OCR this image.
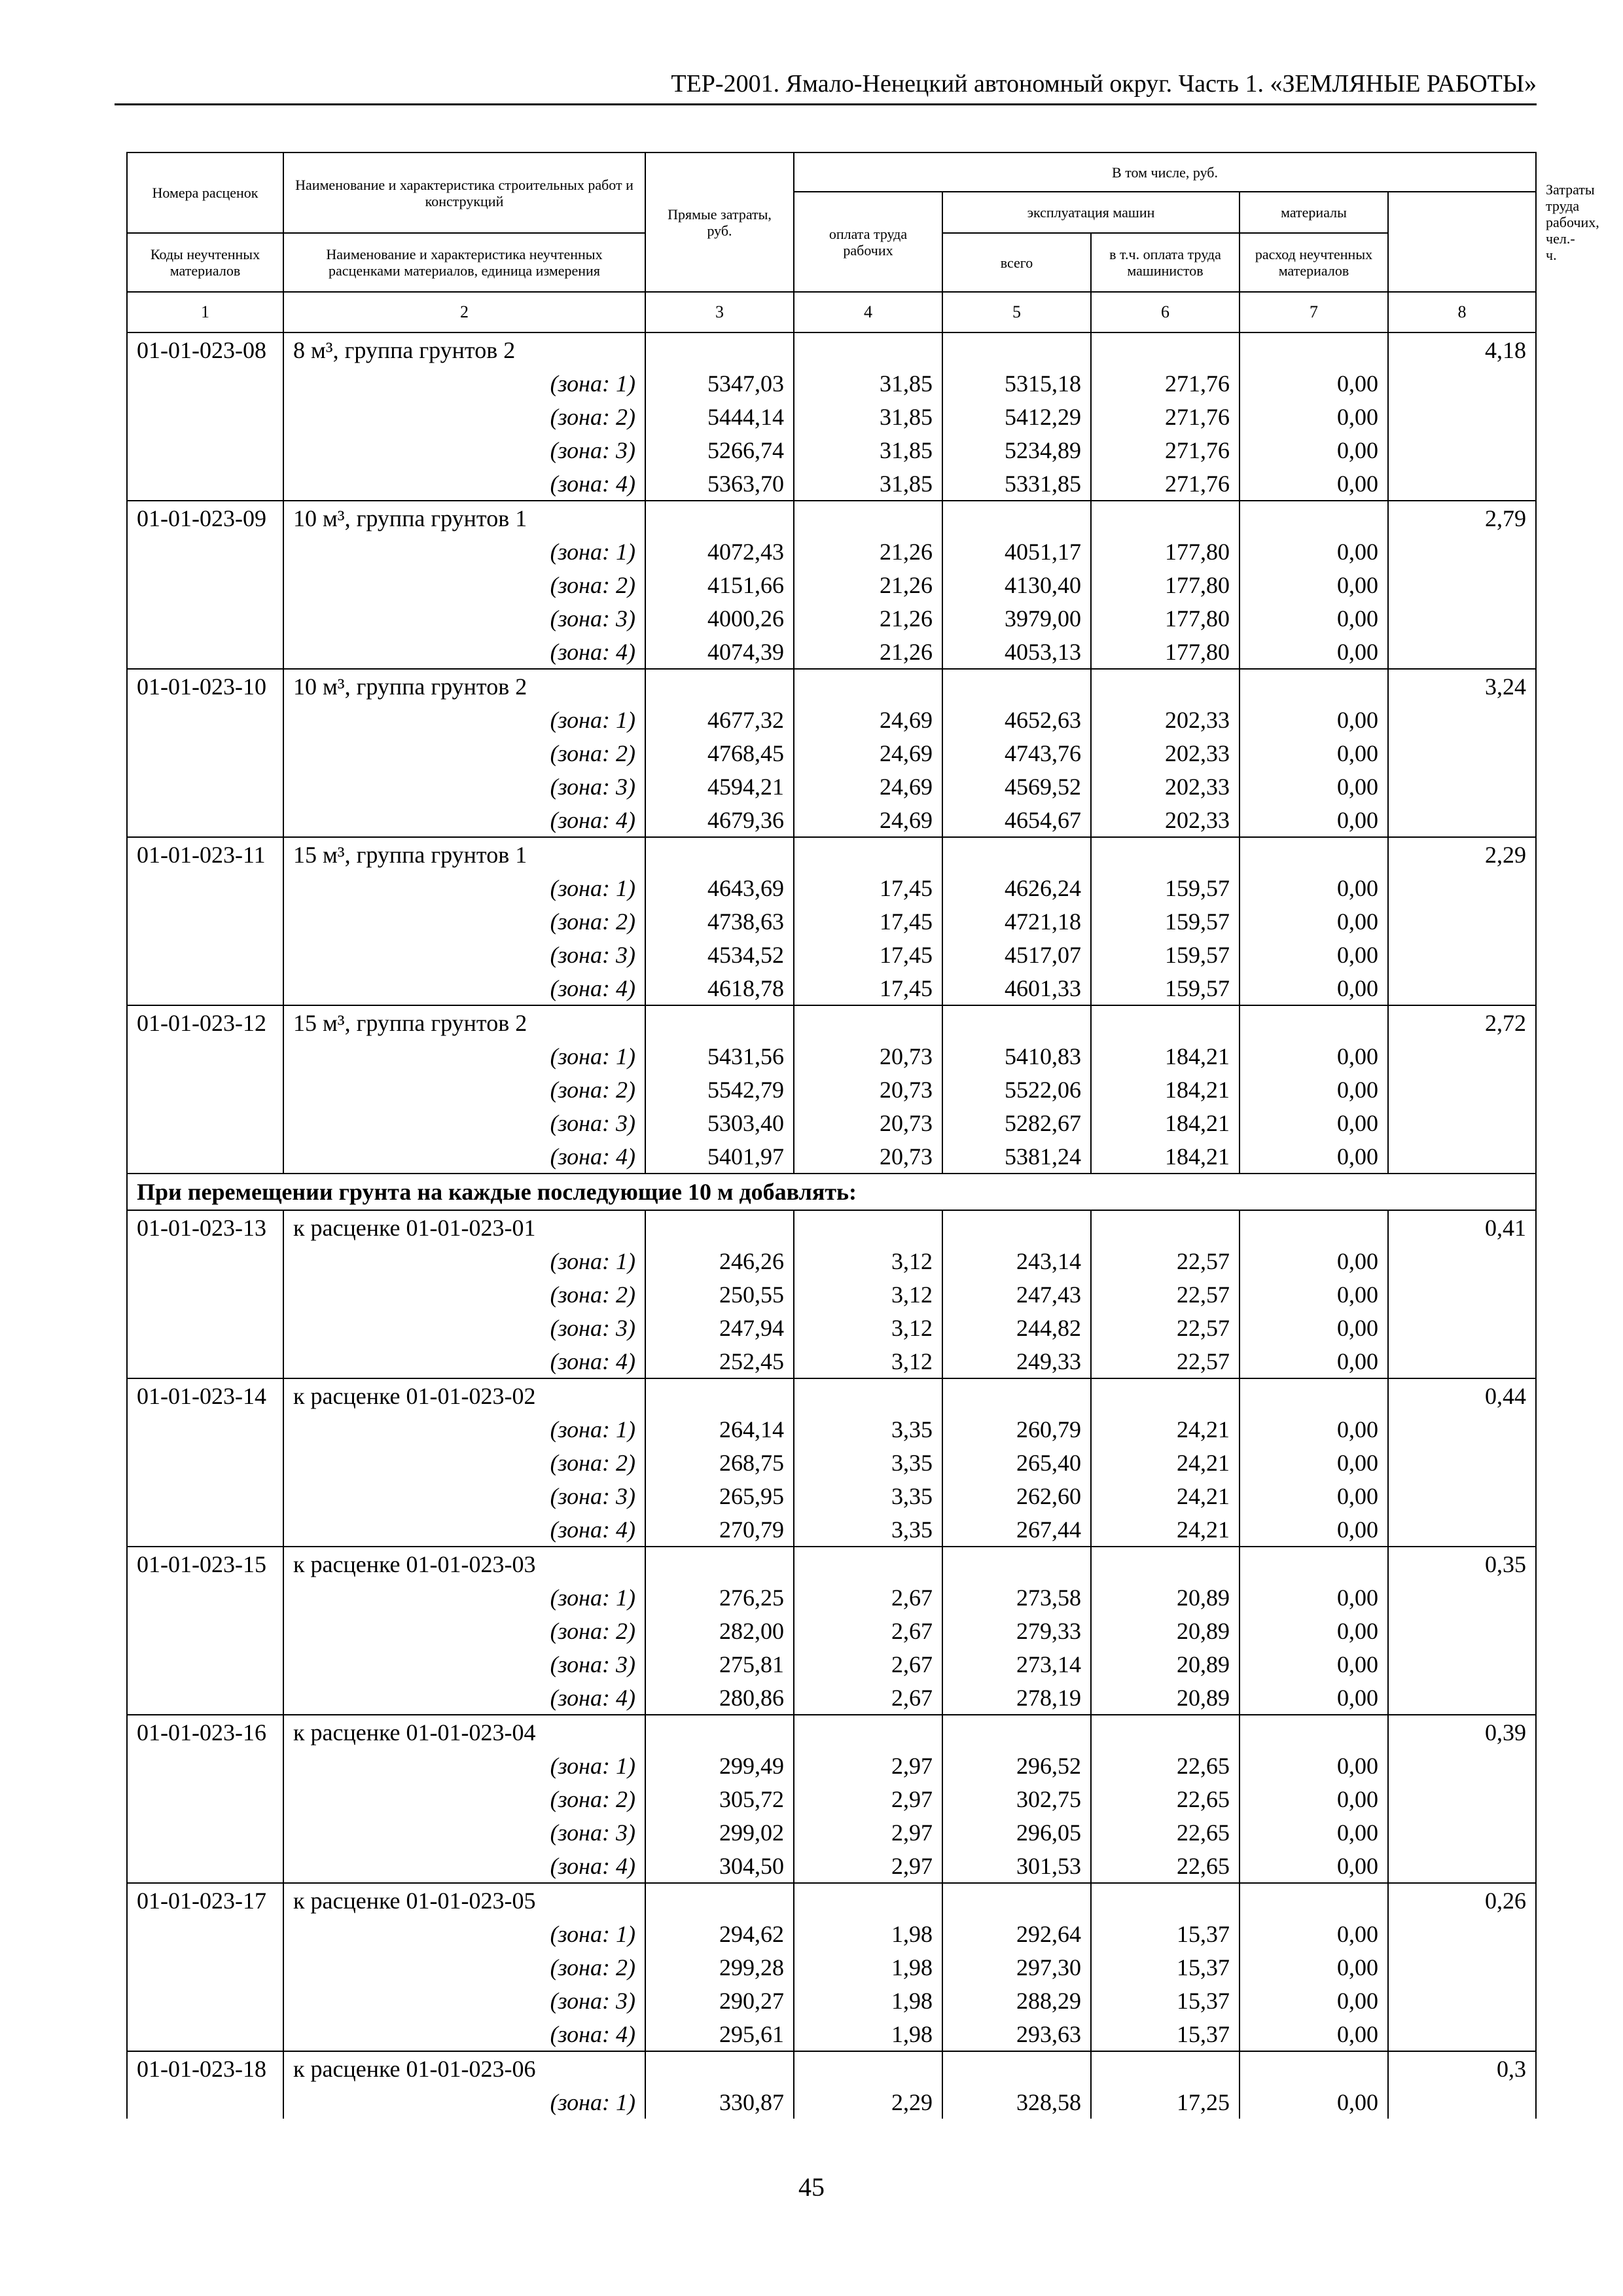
ТЕР-2001. Ямало-Ненецкий автономный округ. Часть 1. «ЗЕМЛЯНЫЕ РАБОТЫ»
Номера расценок	Наименование и характеристика строительных работ и конструкций	Прямые затраты, руб.	В том числе, руб.					Затраты труда рабочих, чел.-ч.
			оплата труда рабочих	эксплуатация машин		материалы		
Коды неучтенных материалов	Наименование и характеристика неучтенных расценками материалов, единица измерения			всего	в т.ч. оплата труда машинистов	расход неучтенных материалов		

1	2	3	4	5	6	7	8	
01-01-023-08	8 м³, группа грунтов 2						4,18	
	(зона: 1)	5347,03	31,85	5315,18	271,76	0,00		
	(зона: 2)	5444,14	31,85	5412,29	271,76	0,00		
	(зона: 3)	5266,74	31,85	5234,89	271,76	0,00		
	(зона: 4)	5363,70	31,85	5331,85	271,76	0,00		
01-01-023-09	10 м³, группа грунтов 1						2,79	
	(зона: 1)	4072,43	21,26	4051,17	177,80	0,00		
	(зона: 2)	4151,66	21,26	4130,40	177,80	0,00		
	(зона: 3)	4000,26	21,26	3979,00	177,80	0,00		
	(зона: 4)	4074,39	21,26	4053,13	177,80	0,00		
01-01-023-10	10 м³, группа грунтов 2						3,24	
	(зона: 1)	4677,32	24,69	4652,63	202,33	0,00		
	(зона: 2)	4768,45	24,69	4743,76	202,33	0,00		
	(зона: 3)	4594,21	24,69	4569,52	202,33	0,00		
	(зона: 4)	4679,36	24,69	4654,67	202,33	0,00		
01-01-023-11	15 м³, группа грунтов 1						2,29	
	(зона: 1)	4643,69	17,45	4626,24	159,57	0,00		
	(зона: 2)	4738,63	17,45	4721,18	159,57	0,00		
	(зона: 3)	4534,52	17,45	4517,07	159,57	0,00		
	(зона: 4)	4618,78	17,45	4601,33	159,57	0,00		
01-01-023-12	15 м³, группа грунтов 2						2,72	
	(зона: 1)	5431,56	20,73	5410,83	184,21	0,00		
	(зона: 2)	5542,79	20,73	5522,06	184,21	0,00		
	(зона: 3)	5303,40	20,73	5282,67	184,21	0,00		
	(зона: 4)	5401,97	20,73	5381,24	184,21	0,00		
При перемещении грунта на каждые последующие 10 м добавлять:								
01-01-023-13	к расценке 01-01-023-01						0,41	
	(зона: 1)	246,26	3,12	243,14	22,57	0,00		
	(зона: 2)	250,55	3,12	247,43	22,57	0,00		
	(зона: 3)	247,94	3,12	244,82	22,57	0,00		
	(зона: 4)	252,45	3,12	249,33	22,57	0,00		
01-01-023-14	к расценке 01-01-023-02						0,44	
	(зона: 1)	264,14	3,35	260,79	24,21	0,00		
	(зона: 2)	268,75	3,35	265,40	24,21	0,00		
	(зона: 3)	265,95	3,35	262,60	24,21	0,00		
	(зона: 4)	270,79	3,35	267,44	24,21	0,00		
01-01-023-15	к расценке 01-01-023-03						0,35	
	(зона: 1)	276,25	2,67	273,58	20,89	0,00		
	(зона: 2)	282,00	2,67	279,33	20,89	0,00		
	(зона: 3)	275,81	2,67	273,14	20,89	0,00		
	(зона: 4)	280,86	2,67	278,19	20,89	0,00		
01-01-023-16	к расценке 01-01-023-04						0,39	
	(зона: 1)	299,49	2,97	296,52	22,65	0,00		
	(зона: 2)	305,72	2,97	302,75	22,65	0,00		
	(зона: 3)	299,02	2,97	296,05	22,65	0,00		
	(зона: 4)	304,50	2,97	301,53	22,65	0,00		
01-01-023-17	к расценке 01-01-023-05						0,26	
	(зона: 1)	294,62	1,98	292,64	15,37	0,00		
	(зона: 2)	299,28	1,98	297,30	15,37	0,00		
	(зона: 3)	290,27	1,98	288,29	15,37	0,00		
	(зона: 4)	295,61	1,98	293,63	15,37	0,00		
01-01-023-18	к расценке 01-01-023-06						0,3	
	(зона: 1)	330,87	2,29	328,58	17,25	0,00		
45
